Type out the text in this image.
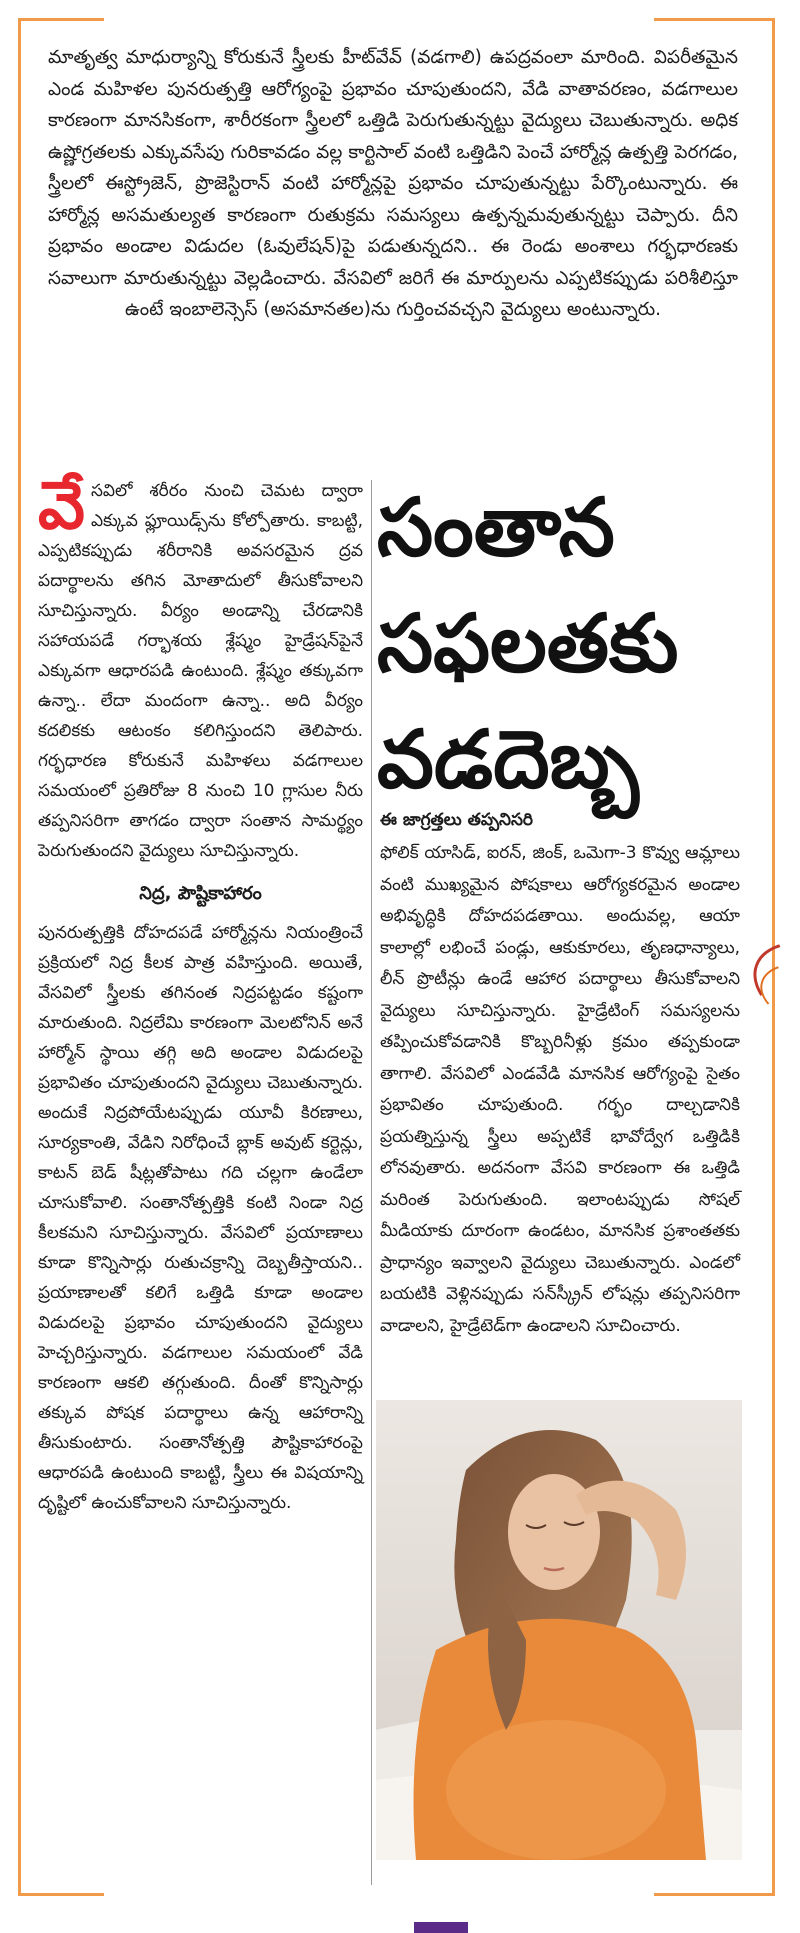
మాతృత్వ మాధుర్యాన్ని కోరుకునే స్త్రీలకు హీట్‌వేవ్ (వడగాలి) ఉపద్రవంలా మారింది. విపరీతమైన ఎండ మహిళల పునరుత్పత్తి ఆరోగ్యంపై ప్రభావం చూపుతుందని, వేడి వాతావరణం, వడగాలుల కారణంగా మానసికంగా, శారీరకంగా స్త్రీలలో ఒత్తిడి పెరుగుతున్నట్టు వైద్యులు చెబుతున్నారు. అధిక ఉష్ణోగ్రతలకు ఎక్కువసేపు గురికావడం వల్ల కార్టిసాల్ వంటి ఒత్తిడిని పెంచే హార్మోన్ల ఉత్పత్తి పెరగడం, స్త్రీలలో ఈస్ట్రోజెన్, ప్రొజెస్టిరాన్ వంటి హార్మోన్లపై ప్రభావం చూపుతున్నట్టు పేర్కొంటున్నారు. ఈ హార్మోన్ల అసమతుల్యత కారణంగా రుతుక్రమ సమస్యలు ఉత్పన్నమవుతున్నట్టు చెప్పారు. దీని ప్రభావం అండాల విడుదల (ఓవులేషన్)పై పడుతున్నదని.. ఈ రెండు అంశాలు గర్భధారణకు సవాలుగా మారుతున్నట్టు వెల్లడించారు. వేసవిలో జరిగే ఈ మార్పులను ఎప్పటికప్పుడు పరిశీలిస్తూ ఉంటే ఇంబాలెన్సెస్ (అసమానతల)ను గుర్తించవచ్చని వైద్యులు అంటున్నారు.
వే సవిలో శరీరం నుంచి చెమట ద్వారా ఎక్కువ ఫ్లూయిడ్స్‌ను కోల్పోతారు. కాబట్టి, ఎప్పటికప్పుడు శరీరానికి అవసరమైన ద్రవ పదార్థాలను తగిన మోతాదులో తీసుకోవాలని సూచిస్తున్నారు. వీర్యం అండాన్ని చేరడానికి సహాయపడే గర్భాశయ శ్లేష్మం హైడ్రేషన్‌పైనే ఎక్కువగా ఆధారపడి ఉంటుంది. శ్లేష్మం తక్కువగా ఉన్నా.. లేదా మందంగా ఉన్నా.. అది వీర్యం కదలికకు ఆటంకం కలిగిస్తుందని తెలిపారు. గర్భధారణ కోరుకునే మహిళలు వడగాలుల సమయంలో ప్రతిరోజు 8 నుంచి 10 గ్లాసుల నీరు తప్పనిసరిగా తాగడం ద్వారా సంతాన సామర్థ్యం పెరుగుతుందని వైద్యులు సూచిస్తున్నారు.
నిద్ర, పౌష్టికాహారం
పునరుత్పత్తికి దోహదపడే హార్మోన్లను నియంత్రించే ప్రక్రియలో నిద్ర కీలక పాత్ర వహిస్తుంది. అయితే, వేసవిలో స్త్రీలకు తగినంత నిద్రపట్టడం కష్టంగా మారుతుంది. నిద్రలేమి కారణంగా మెలటోనిన్ అనే హార్మోన్ స్థాయి తగ్గి అది అండాల విడుదలపై ప్రభావితం చూపుతుందని వైద్యులు చెబుతున్నారు. అందుకే నిద్రపోయేటప్పుడు యూవీ కిరణాలు, సూర్యకాంతి, వేడిని నిరోధించే బ్లాక్ అవుట్ కర్టెన్లు, కాటన్ బెడ్ షీట్లతోపాటు గది చల్లగా ఉండేలా చూసుకోవాలి. సంతానోత్పత్తికి కంటి నిండా నిద్ర కీలకమని సూచిస్తున్నారు. వేసవిలో ప్రయాణాలు కూడా కొన్నిసార్లు రుతుచక్రాన్ని దెబ్బతీస్తాయని.. ప్రయాణాలతో కలిగే ఒత్తిడి కూడా అండాల విడుదలపై ప్రభావం చూపుతుందని వైద్యులు హెచ్చరిస్తున్నారు. వడగాలుల సమయంలో వేడి కారణంగా ఆకలి తగ్గుతుంది. దీంతో కొన్నిసార్లు తక్కువ పోషక పదార్థాలు ఉన్న ఆహారాన్ని తీసుకుంటారు. సంతానోత్పత్తి పౌష్టికాహారంపై ఆధారపడి ఉంటుంది కాబట్టి, స్త్రీలు ఈ విషయాన్ని దృష్టిలో ఉంచుకోవాలని సూచిస్తున్నారు.
సంతాన
సఫలతకు
వడదెబ్బ
ఈ జాగ్రత్తలు తప్పనిసరి
ఫోలిక్ యాసిడ్, ఐరన్, జింక్, ఒమెగా-3 కొవ్వు ఆమ్లాలు వంటి ముఖ్యమైన పోషకాలు ఆరోగ్యకరమైన అండాల అభివృద్ధికి దోహదపడతాయి. అందువల్ల, ఆయా కాలాల్లో లభించే పండ్లు, ఆకుకూరలు, తృణధాన్యాలు, లీన్ ప్రొటీన్లు ఉండే ఆహార పదార్థాలు తీసుకోవాలని వైద్యులు సూచిస్తున్నారు. హైడ్రేటింగ్ సమస్యలను తప్పించుకోవడానికి కొబ్బరినీళ్లు క్రమం తప్పకుండా తాగాలి. వేసవిలో ఎండవేడి మానసిక ఆరోగ్యంపై సైతం ప్రభావితం చూపుతుంది. గర్భం దాల్చడానికి ప్రయత్నిస్తున్న స్త్రీలు అప్పటికే భావోద్వేగ ఒత్తిడికి లోనవుతారు. అదనంగా వేసవి కారణంగా ఈ ఒత్తిడి మరింత పెరుగుతుంది. ఇలాంటప్పుడు సోషల్ మీడియాకు దూరంగా ఉండటం, మానసిక ప్రశాంతతకు ప్రాధాన్యం ఇవ్వాలని వైద్యులు చెబుతున్నారు. ఎండలో బయటికి వెళ్లినప్పుడు సన్‌స్క్రీన్ లోషన్లు తప్పనిసరిగా వాడాలని, హైడ్రేటెడ్‌గా ఉండాలని సూచించారు.
